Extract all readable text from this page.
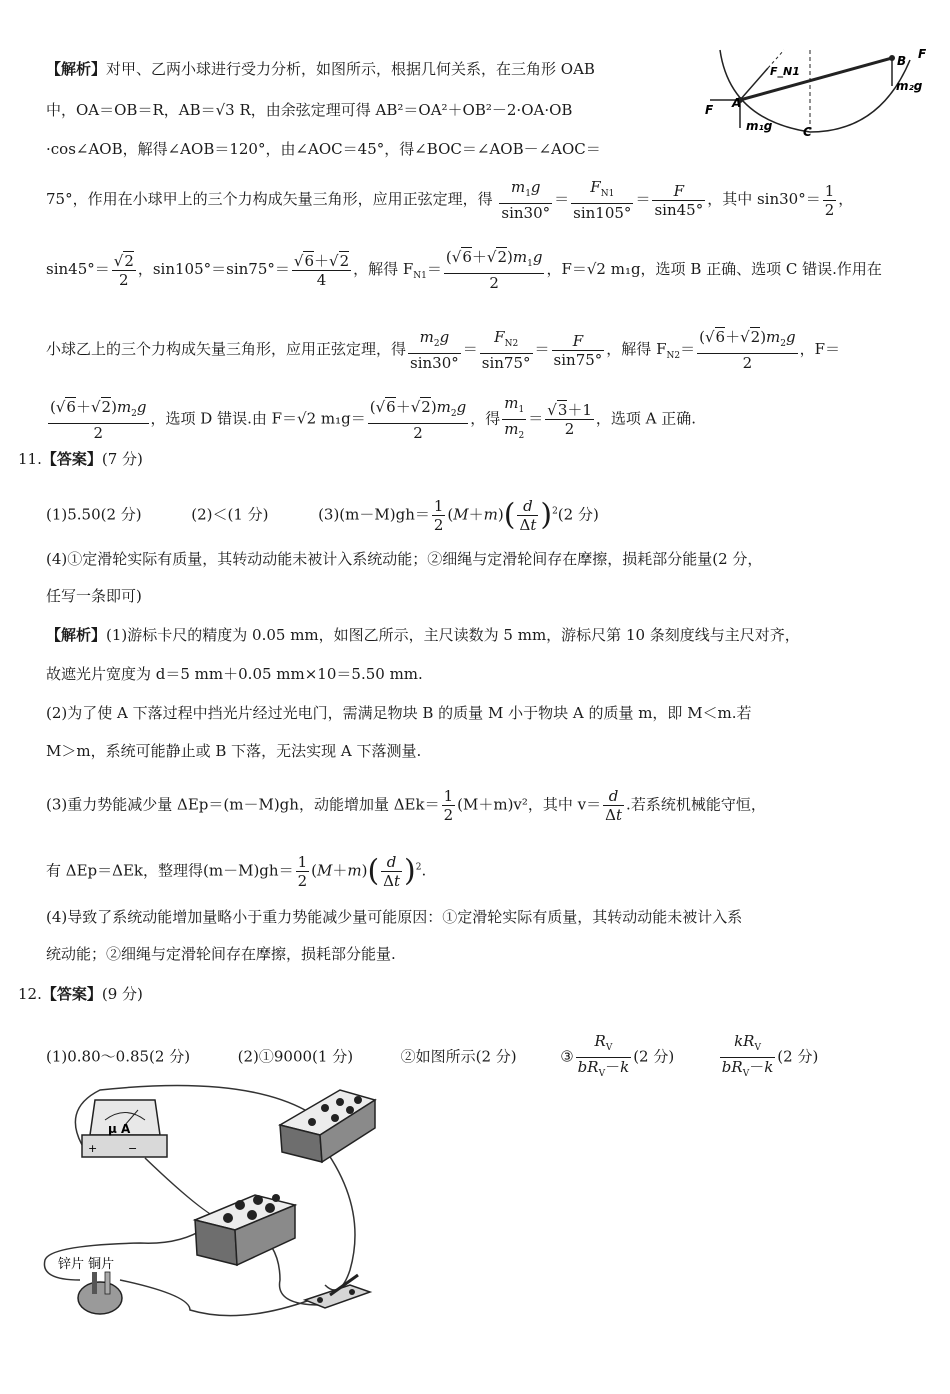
【解析】对甲、乙两小球进行受力分析，如图所示，根据几何关系，在三角形 OAB
中，OA＝OB＝R，AB＝√3 R，由余弦定理可得 AB²＝OA²＋OB²－2·OA·OB
·cos∠AOB，解得∠AOB＝120°，由∠AOC＝45°，得∠BOC＝∠AOB－∠AOC＝
B F
F_N1
A
m₁g
m₂g
C
F
75°，作用在小球甲上的三个力构成矢量三角形，应用正弦定理，得 $\frac{m_1g}{\sin 30^\circ} = \frac{F_{N1}}{\sin 105^\circ} = \frac{F}{\sin 45^\circ}$ ，其中 $\sin 30^\circ= \frac{1}{2}$ ，
$\sin 45^\circ= \frac{√2}{2}$ ，$\sin 105^\circ=\sin 75^\circ= \frac{√6+√2}{4}$ ，解得 $F_{N1}= \frac{(√6+√2)m_1g}{2}$ ，F＝√2 m₁g，选项 B 正确、选项 C 错误.作用在
小球乙上的三个力构成矢量三角形，应用正弦定理，得 $\frac{m_2g}{\sin 30^\circ} = \frac{F_{N2}}{\sin 75^\circ} = \frac{F}{\sin 75^\circ}$ ，解得 $F_{N2}= \frac{(√6+√2)m_2g}{2}$ ，F＝
$\frac{(√6+√2)m_2g}{2}$ ，选项 D 错误.由 F＝√2 $m_1g= \frac{(√6+√2)m_2g}{2}$ ，得 $\frac{m_1}{m_2} = \frac{√3+1}{2}$ ，选项 A 正确.
11.【答案】(7 分)
(1)5.50(2 分)	(2)＜(1 分)	$(3)(m-M)gh= \frac{1}{2} (M+m)( \frac{d}{\Delta t} )^2(2$ 分)
(4)①定滑轮实际有质量，其转动动能未被计入系统动能；②细绳与定滑轮间存在摩擦，损耗部分能量(2 分，
任写一条即可)
【解析】(1)游标卡尺的精度为 0.05 mm，如图乙所示，主尺读数为 5 mm，游标尺第 10 条刻度线与主尺对齐，
故遮光片宽度为 d＝5 mm＋0.05 mm×10＝5.50 mm.
(2)为了使 A 下落过程中挡光片经过光电门，需满足物块 B 的质量 M 小于物块 A 的质量 m，即 M＜m.若
M＞m，系统可能静止或 B 下落，无法实现 A 下落测量.
(3)重力势能减少量 ΔEp＝(m－M)gh，动能增加量 $\Delta Ek= \frac{1}{2} (M+m)v^2$，其中 $v= \frac{d}{\Delta t}$ .若系统机械能守恒，
有 ΔEp＝ΔEk，整理得$(m-M)gh= \frac{1}{2} (M+m)( \frac{d}{\Delta t} )^2$.
(4)导致了系统动能增加量略小于重力势能减少量可能原因：①定滑轮实际有质量，其转动动能未被计入系
统动能；②细绳与定滑轮间存在摩擦，损耗部分能量.
12.【答案】(9 分)
(1)0.80～0.85(2 分)	(2)①9000(1 分)	②如图所示(2 分)	③ $\frac{R_V}{bR_V-k} (2$ 分)	$\frac{kR_V}{bR_V-k} (2$ 分)
μ A
+	−
锌片 铜片
